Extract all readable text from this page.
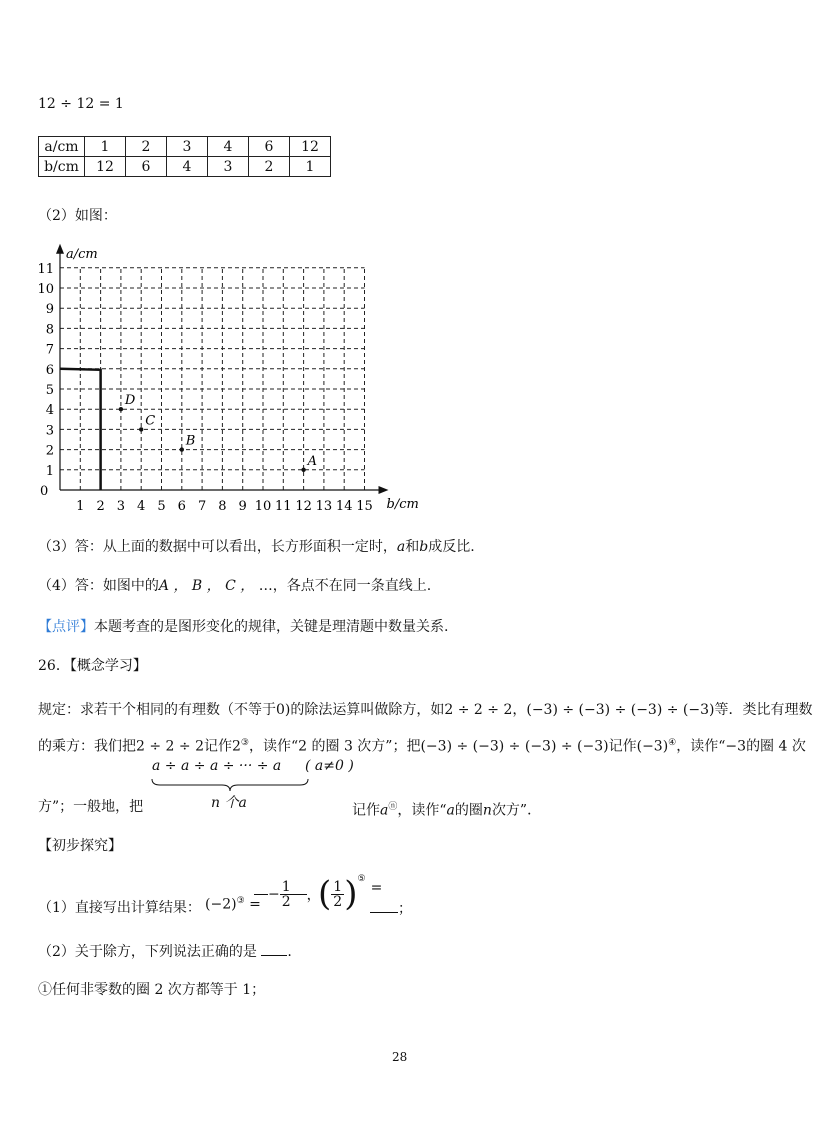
12 ÷ 12 = 1
a/cm	1	2	3	4	6	12
b/cm	12	6	4	3	2	1
（2）如图：
1 2 3 4 5 6 7 8 9 10 11 12 13 14 15
1
2
3
4
5
6
7
8
9
10
11
A
B
C
D
a/cm
b/cm
0
（3）答：从上面的数据中可以看出，长方形面积一定时，a和b成反比.
（4）答：如图中的A ， B ， C ， …，各点不在同一条直线上.
【点评】本题考查的是图形变化的规律，关键是理清题中数量关系.
26．【概念学习】
规定：求若干个相同的有理数（不等于0)的除法运算叫做除方，如2 ÷ 2 ÷ 2，(−3) ÷ (−3) ÷ (−3) ÷ (−3)等．类比有理数
的乘方：我们把2 ÷ 2 ÷ 2记作2③，读作“2 的圈 3 次方”；把(−3) ÷ (−3) ÷ (−3) ÷ (−3)记作(−3)④，读作“−3的圈 4 次
a ÷ a ÷ a ÷ ··· ÷ a ( a≠0 )
n 个a
方”；一般地，把	记作aⓝ，读作“a的圈n次方”．
【初步探究】
（1）直接写出计算结果： (−2)③ =
− $\frac{1}{2}$ ，
( $\frac{1}{2} )^⑤$ =
；
（2）关于除方，下列说法正确的是 .
①任何非零数的圈 2 次方都等于 1；
28
